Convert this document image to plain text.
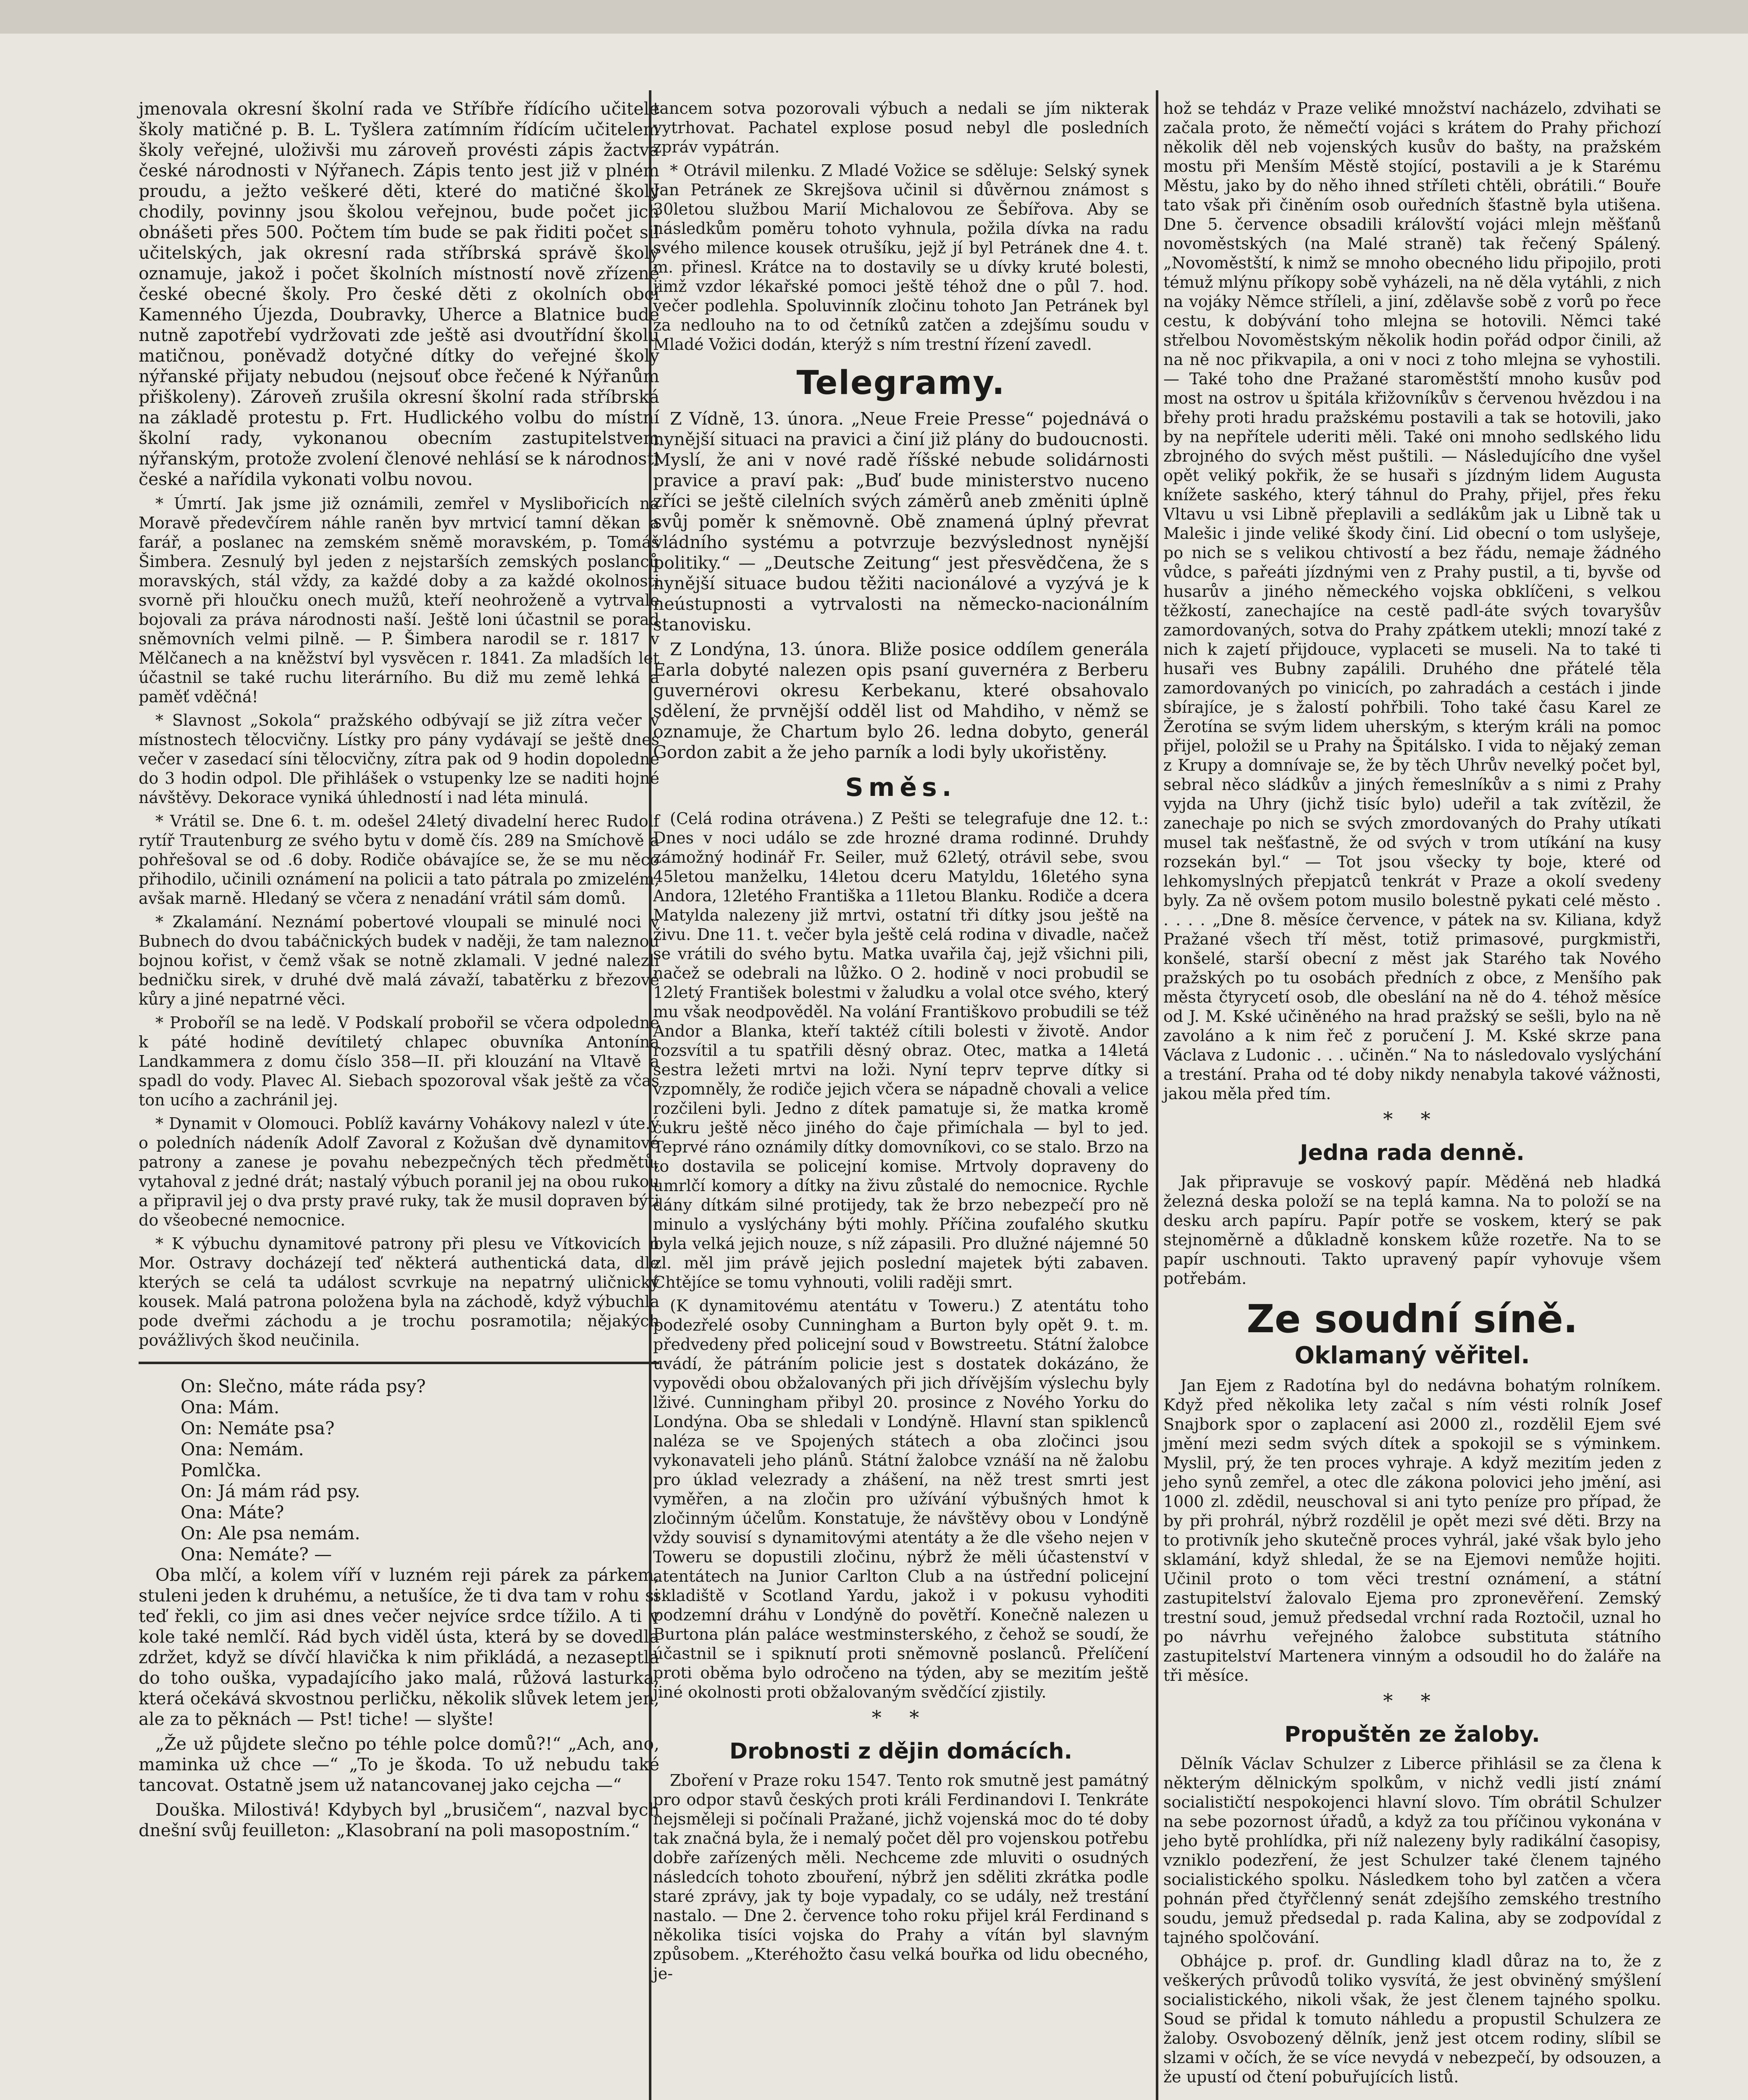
jmenovala okresní školní rada ve Stříbře řídícího učitele školy matičné p. B. L. Tyšlera zatímním řídícím učitelem školy veřejné, uloživši mu zároveň provésti zápis žactva české národnosti v Nýřanech. Zápis tento jest již v plném proudu, a ježto veškeré děti, které do matičné školy chodily, povinny jsou školou veřejnou, bude počet jich obnášeti přes 500. Počtem tím bude se pak řiditi počet sil učitelských, jak okresní rada stříbrská správě školy oznamuje, jakož i počet školních místností nově zřízené české obecné školy. Pro české děti z okolních obcí Kamenného Újezda, Doubravky, Uherce a Blatnice bude nutně zapotřebí vydržovati zde ještě asi dvoutřídní školu matičnou, poněvadž dotyčné dítky do veřejné školy nýřanské přijaty nebudou (nejsouť obce řečené k Nýřanům přiškoleny). Zároveň zrušila okresní školní rada stříbrská na základě protestu p. Frt. Hudlického volbu do místní školní rady, vykonanou obecním zastupitelstvem nýřanským, protože zvolení členové nehlásí se k národnosti české a nařídila vykonati volbu novou.

* Úmrtí. Jak jsme již oznámili, zemřel v Myslibořicích na Moravě předevčírem náhle raněn byv mrtvicí tamní děkan a farář, a poslanec na zemském sněmě moravském, p. Tomáš Šimbera. Zesnulý byl jeden z nejstarších zemských poslanců moravských, stál vždy, za každé doby a za každé okolnosti svorně při hloučku onech mužů, kteří neohroženě a vytrvale bojovali za práva národnosti naší. Ještě loni účastnil se porad sněmovních velmi pilně. — P. Šimbera narodil se r. 1817 v Mělčanech a na kněžství byl vysvěcen r. 1841. Za mladších let účastnil se také ruchu literárního. Bu diž mu země lehká a paměť vděčná!

* Slavnost „Sokola“ pražského odbývají se již zítra večer v místnostech tělocvičny. Lístky pro pány vydávají se ještě dnes večer v zasedací síni tělocvičny, zítra pak od 9 hodin dopoledne do 3 hodin odpol. Dle přihlášek o vstupenky lze se naditi hojné návštěvy. Dekorace vyniká úhledností i nad léta minulá.

* Vrátil se. Dne 6. t. m. odešel 24letý divadelní herec Rudolf rytíř Trautenburg ze svého bytu v domě čís. 289 na Smíchově a pohřešoval se od .6 doby. Rodiče obávajíce se, že se mu něco přihodilo, učinili oznámení na policii a tato pátrala po zmizelém, avšak marně. Hledaný se včera z nenadání vrátil sám domů.

* Zkalamání. Neznámí pobertové vloupali se minulé noci v Bubnech do dvou tabáčnických budek v naději, že tam naleznou bojnou kořist, v čemž však se notně zklamali. V jedné nalezli bedničku sirek, v druhé dvě malá závaží, tabatěrku z březové kůry a jiné nepatrné věci.

* Proboříl se na ledě. V Podskalí probořil se včera odpoledne k páté hodině devítiletý chlapec obuvníka Antonína Landkammera z domu číslo 358—II. při klouzání na Vltavě a spadl do vody. Plavec Al. Siebach spozoroval však ještě za včas ton ucího a zachránil jej.

* Dynamit v Olomouci. Poblíž kavárny Vohákovy nalezl v úte.ý o poledních nádeník Adolf Zavoral z Kožušan dvě dynamitové patrony a zanese je povahu nebezpečných těch předmětů, vytahoval z jedné drát; nastalý výbuch poranil jej na obou rukou a připravil jej o dva prsty pravé ruky, tak že musil dopraven býti do všeobecné nemocnice.

* K výbuchu dynamitové patrony při plesu ve Vítkovicích n Mor. Ostravy docházejí teď některá authentická data, dle kterých se celá ta událost scvrkuje na nepatrný uličnický kousek. Malá patrona položena byla na záchodě, když výbuchla pode dveřmi záchodu a je trochu posramotila; nějakých povážlivých škod neučinila.

On: Slečno, máte ráda psy?

Ona: Mám.

On: Nemáte psa?

Ona: Nemám.

Pomlčka.

On: Já mám rád psy.

Ona: Máte?

On: Ale psa nemám.

Ona: Nemáte? —

Oba mlčí, a kolem víří v luzném reji párek za párkem, stuleni jeden k druhému, a netušíce, že ti dva tam v rohu si teď řekli, co jim asi dnes večer nejvíce srdce tížilo. A ti v kole také nemlčí. Rád bych viděl ústa, která by se dovedla zdržet, když se dívčí hlavička k nim přikládá, a nezaseptla do toho ouška, vypadajícího jako malá, růžová lasturka, která očekává skvostnou perličku, několik slůvek letem jen, ale za to pěknách — Pst! tiche! — slyšte!

„Že už půjdete slečno po téhle polce domů?!“ „Ach, ano, maminka už chce —“ „To je škoda. To už nebudu také tancovat. Ostatně jsem už natancovanej jako cejcha —“

Douška. Milostivá! Kdybych byl „brusičem“, nazval bych dnešní svůj feuilleton: „Klasobraní na poli masopostním.“

tancem sotva pozorovali výbuch a nedali se jím nikterak vytrhovat. Pachatel explose posud nebyl dle posledních zpráv vypátrán.

* Otrávil milenku. Z Mladé Vožice se sděluje: Selský synek Jan Petránek ze Skrejšova učinil si důvěrnou známost s 30letou službou Marií Michalovou ze Šebířova. Aby se následkům poměru tohoto vyhnula, požila dívka na radu svého milence kousek otrušíku, jejž jí byl Petránek dne 4. t. m. přinesl. Krátce na to dostavily se u dívky kruté bolesti, jimž vzdor lékařské pomoci ještě téhož dne o půl 7. hod. večer podlehla. Spoluvinník zločinu tohoto Jan Petránek byl za nedlouho na to od četníků zatčen a zdejšímu soudu v Mladé Vožici dodán, kterýž s ním trestní řízení zavedl.

Telegramy.

Z Vídně, 13. února. „Neue Freie Presse“ pojednává o nynější situaci na pravici a činí již plány do budoucnosti. Myslí, že ani v nové radě říšské nebude solidárnosti pravice a praví pak: „Buď bude ministerstvo nuceno zříci se ještě cilelních svých záměrů aneb změniti úplně svůj poměr k sněmovně. Obě znamená úplný převrat vládního systému a potvrzuje bezvýslednost nynější politiky.“ — „Deutsche Zeitung“ jest přesvědčena, že s nynější situace budou těžiti nacionálové a vyzývá je k neústupnosti a vytrvalosti na německo-nacionálním stanovisku.

Z Londýna, 13. února. Bliže posice oddílem generála Earla dobyté nalezen opis psaní guvernéra z Berberu guvernérovi okresu Kerbekanu, které obsahovalo sdělení, že prvnější odděl list od Mahdiho, v němž se oznamuje, že Chartum bylo 26. ledna dobyto, generál Gordon zabit a že jeho parník a lodi byly ukořistěny.

Směs.

(Celá rodina otrávena.) Z Pešti se telegrafuje dne 12. t.: Dnes v noci událo se zde hrozné drama rodinné. Druhdy zámožný hodinář Fr. Seiler, muž 62letý, otrávil sebe, svou 45letou manželku, 14letou dceru Matyldu, 16letého syna Andora, 12letého Františka a 11letou Blanku. Rodiče a dcera Matylda nalezeny již mrtvi, ostatní tři dítky jsou ještě na živu. Dne 11. t. večer byla ještě celá rodina v divadle, načež se vrátili do svého bytu. Matka uvařila čaj, jejž všichni pili, načež se odebrali na lůžko. O 2. hodině v noci probudil se 12letý František bolestmi v žaludku a volal otce svého, který mu však neodpověděl. Na volání Františkovo probudili se též Andor a Blanka, kteří taktéž cítili bolesti v životě. Andor rozsvítil a tu spatřili děsný obraz. Otec, matka a 14letá sestra ležeti mrtvi na loži. Nyní teprv teprve dítky si vzpomněly, že rodiče jejich včera se nápadně chovali a velice rozčileni byli. Jedno z dítek pamatuje si, že matka kromě cukru ještě něco jiného do čaje přimíchala — byl to jed. Teprvé ráno oznámily dítky domovníkovi, co se stalo. Brzo na to dostavila se policejní komise. Mrtvoly dopraveny do umrlčí komory a dítky na živu zůstalé do nemocnice. Rychle dány dítkám silné protijedy, tak že brzo nebezpečí pro ně minulo a vyslýchány býti mohly. Příčina zoufalého skutku byla velká jejich nouze, s níž zápasili. Pro dlužné nájemné 50 zl. měl jim právě jejich poslední majetek býti zabaven. Chtějíce se tomu vyhnouti, volili raději smrt.

(K dynamitovému atentátu v Toweru.) Z atentátu toho podezřelé osoby Cunningham a Burton byly opět 9. t. m. předvedeny před policejní soud v Bowstreetu. Státní žalobce uvádí, že pátráním policie jest s dostatek dokázáno, že vypovědi obou obžalovaných při jich dřívějším výslechu byly lživé. Cunningham přibyl 20. prosince z Nového Yorku do Londýna. Oba se shledali v Londýně. Hlavní stan spiklenců naléza se ve Spojených státech a oba zločinci jsou vykonavateli jeho plánů. Státní žalobce vznáší na ně žalobu pro úklad velezrady a zhášení, na něž trest smrti jest vyměřen, a na zločin pro užívání výbušných hmot k zločinným účelům. Konstatuje, že návštěvy obou v Londýně vždy souvisí s dynamitovými atentáty a že dle všeho nejen v Toweru se dopustili zločinu, nýbrž že měli účastenství v atentátech na Junior Carlton Club a na ústřední policejní skladiště v Scotland Yardu, jakož i v pokusu vyhoditi podzemní dráhu v Londýně do povětří. Konečně nalezen u Burtona plán paláce westminsterského, z čehož se soudí, že účastnil se i spiknutí proti sněmovně poslanců. Přelíčení proti oběma bylo odročeno na týden, aby se mezitím ještě jiné okolnosti proti obžalovaným svědčící zjistily.

* *
Drobnosti z dějin domácích.

Zboření v Praze roku 1547. Tento rok smutně jest památný pro odpor stavů českých proti králi Ferdinandovi I. Tenkráte nejsměleji si počínali Pražané, jichž vojenská moc do té doby tak značná byla, že i nemalý počet děl pro vojenskou potřebu dobře zařízených měli. Nechceme zde mluviti o osudných následcích tohoto zbouření, nýbrž jen sděliti zkrátka podle staré zprávy, jak ty boje vypadaly, co se udály, než trestání nastalo. — Dne 2. července toho roku přijel král Ferdinand s několika tisíci vojska do Prahy a vítán byl slavným způsobem. „Kteréhožto času velká bouřka od lidu obecného, je-

hož se tehdáz v Praze veliké množství nacházelo, zdvihati se začala proto, že němečtí vojáci s krátem do Prahy přichozí několik děl neb vojenských kusův do bašty, na pražském mostu při Menším Městě stojící, postavili a je k Starému Městu, jako by do něho ihned stříleti chtěli, obrátili.“ Bouře tato však při činěním osob ouředních šťastně byla utišena. Dne 5. července obsadili královští vojáci mlejn měšťanů novoměstských (na Malé straně) tak řečený Spálený. „Novoměstští, k nimž se mnoho obecného lidu připojilo, proti témuž mlýnu příkopy sobě vyházeli, na ně děla vytáhli, z nich na vojáky Němce stříleli, a jiní, zdělavše sobě z vorů po řece cestu, k dobývání toho mlejna se hotovili. Němci také střelbou Novoměstským několik hodin pořád odpor činili, až na ně noc přikvapila, a oni v noci z toho mlejna se vyhostili. — Také toho dne Pražané staroměstští mnoho kusův pod most na ostrov u špitála křižovníkův s červenou hvězdou i na břehy proti hradu pražskému postavili a tak se hotovili, jako by na nepřítele uderiti měli. Také oni mnoho sedlského lidu zbrojného do svých měst puštili. — Následujícího dne vyšel opět veliký pokřik, že se husaři s jízdným lidem Augusta knížete saského, který táhnul do Prahy, přijel, přes řeku Vltavu u vsi Libně přeplavili a sedlákům jak u Libně tak u Malešic i jinde veliké škody činí. Lid obecní o tom uslyšeje, po nich se s velikou chtivostí a bez řádu, nemaje žádného vůdce, s pařeáti jízdnými ven z Prahy pustil, a ti, byvše od husarův a jiného německého vojska obklíčeni, s velkou těžkostí, zanechajíce na cestě padl-áte svých tovaryšův zamordovaných, sotva do Prahy zpátkem utekli; mnozí také z nich k zajetí přijdouce, vyplaceti se museli. Na to také ti husaři ves Bubny zapálili. Druhého dne přátelé těla zamordovaných po vinicích, po zahradách a cestách i jinde sbírajíce, je s žalostí pohřbili. Toho také času Karel ze Žerotína se svým lidem uherským, s kterým králi na pomoc přijel, položil se u Prahy na Špitálsko. I vida to nějaký zeman z Krupy a domnívaje se, že by těch Uhrův nevelký počet byl, sebral něco sládkův a jiných řemeslníkův a s nimi z Prahy vyjda na Uhry (jichž tisíc bylo) udeřil a tak zvítězil, že zanechaje po nich se svých zmordovaných do Prahy utíkati musel tak nešťastně, že od svých v trom utíkání na kusy rozsekán byl.“ — Tot jsou všecky ty boje, které od lehkomyslných přepjatců tenkrát v Praze a okolí svedeny byly. Za ně ovšem potom musilo bolestně pykati celé město . . . . . „Dne 8. měsíce července, v pátek na sv. Kiliana, když Pražané všech tří měst, totiž primasové, purgkmistři, konšelé, starší obecní z měst jak Starého tak Nového pražských po tu osobách předních z obce, z Menšího pak města čtyrycetí osob, dle obeslání na ně do 4. téhož měsíce od J. M. Kské učiněného na hrad pražský se sešli, bylo na ně zavoláno a k nim řeč z poručení J. M. Kské skrze pana Václava z Ludonic . . . učiněn.“ Na to následovalo vyslýchání a trestání. Praha od té doby nikdy nenabyla takové vážnosti, jakou měla před tím.

* *
Jedna rada denně.

Jak připravuje se voskový papír. Měděná neb hladká železná deska položí se na teplá kamna. Na to položí se na desku arch papíru. Papír potře se voskem, který se pak stejnoměrně a důkladně konskem kůže rozetře. Na to se papír uschnouti. Takto upravený papír vyhovuje všem potřebám.

Ze soudní síně.
Oklamaný věřitel.

Jan Ejem z Radotína byl do nedávna bohatým rolníkem. Když před několika lety začal s ním vésti rolník Josef Snajbork spor o zaplacení asi 2000 zl., rozdělil Ejem své jmění mezi sedm svých dítek a spokojil se s výminkem. Myslil, prý, že ten proces vyhraje. A když mezitím jeden z jeho synů zemřel, a otec dle zákona polovici jeho jmění, asi 1000 zl. zdědil, neuschoval si ani tyto peníze pro případ, že by při prohrál, nýbrž rozdělil je opět mezi své děti. Brzy na to protivník jeho skutečně proces vyhrál, jaké však bylo jeho sklamání, když shledal, že se na Ejemovi nemůže hojiti. Učinil proto o tom věci trestní oznámení, a státní zastupitelství žalovalo Ejema pro zpronevěření. Zemský trestní soud, jemuž předsedal vrchní rada Roztočil, uznal ho po návrhu veřejného žalobce substituta státního zastupitelství Martenera vinným a odsoudil ho do žaláře na tři měsíce.

* *
Propuštěn ze žaloby.

Dělník Václav Schulzer z Liberce přihlásil se za člena k některým dělnickým spolkům, v nichž vedli jistí známí socialističtí nespokojenci hlavní slovo. Tím obrátil Schulzer na sebe pozornost úřadů, a když za tou příčinou vykonána v jeho bytě prohlídka, při níž nalezeny byly radikální časopisy, vzniklo podezření, že jest Schulzer také členem tajného socialistického spolku. Následkem toho byl zatčen a včera pohnán před čtyřčlenný senát zdejšího zemského trestního soudu, jemuž předsedal p. rada Kalina, aby se zodpovídal z tajného spolčování.

Obhájce p. prof. dr. Gundling kladl důraz na to, že z veškerých průvodů toliko vysvítá, že jest obviněný smýšlení socialistického, nikoli však, že jest členem tajného spolku. Soud se přidal k tomuto náhledu a propustil Schulzera ze žaloby. Osvobozený dělník, jenž jest otcem rodiny, slíbil se slzami v očích, že se více nevydá v nebezpečí, by odsouzen, a že upustí od čtení pobuřujících listů.
